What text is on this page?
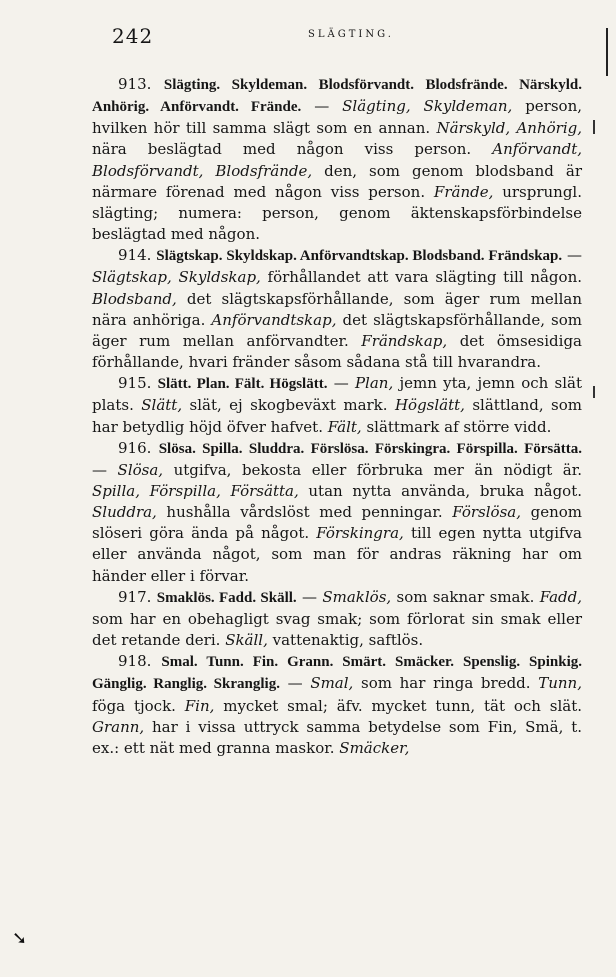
242	SLÄGTING.

913. Slägting. Skyldeman. Blodsförvandt. Blodsfrände. Närskyld. Anhörig. Anförvandt. Frände. — Slägting, Skyldeman, person, hvilken hör till samma slägt som en annan. Närskyld, Anhörig, nära beslägtad med någon viss person. Anförvandt, Blodsförvandt, Blodsfrände, den, som genom blodsband är närmare förenad med någon viss person. Frände, ursprungl. slägting; numera: person, genom äktenskapsförbindelse beslägtad med någon.

914. Slägtskap. Skyldskap. Anförvandtskap. Blodsband. Frändskap. — Slägtskap, Skyldskap, förhållandet att vara slägting till någon. Blodsband, det slägtskapsförhållande, som äger rum mellan nära anhöriga. Anförvandtskap, det slägtskapsförhållande, som äger rum mellan anförvandter. Frändskap, det ömsesidiga förhållande, hvari fränder såsom sådana stå till hvarandra.

915. Slätt. Plan. Fält. Högslätt. — Plan, jemn yta, jemn och slät plats. Slätt, slät, ej skogbeväxt mark. Högslätt, slättland, som har betydlig höjd öfver hafvet. Fält, slättmark af större vidd.

916. Slösa. Spilla. Sluddra. Förslösa. Förskingra. Förspilla. Försätta. — Slösa, utgifva, bekosta eller förbruka mer än nödigt är. Spilla, Förspilla, Försätta, utan nytta använda, bruka något. Sluddra, hushålla vårdslöst med penningar. Förslösa, genom slöseri göra ända på något. Förskingra, till egen nytta utgifva eller använda något, som man för andras räkning har om händer eller i förvar.

917. Smaklös. Fadd. Skäll. — Smaklös, som saknar smak. Fadd, som har en obehagligt svag smak; som förlorat sin smak eller det retande deri. Skäll, vattenaktig, saftlös.

918. Smal. Tunn. Fin. Grann. Smärt. Smäcker. Spenslig. Spinkig. Gänglig. Ranglig. Skranglig. — Smal, som har ringa bredd. Tunn, föga tjock. Fin, mycket smal; äfv. mycket tunn, tät och slät. Grann, har i vissa uttryck samma betydelse som Fin, Smä, t. ex.: ett nät med granna maskor. Smäcker,

➘
